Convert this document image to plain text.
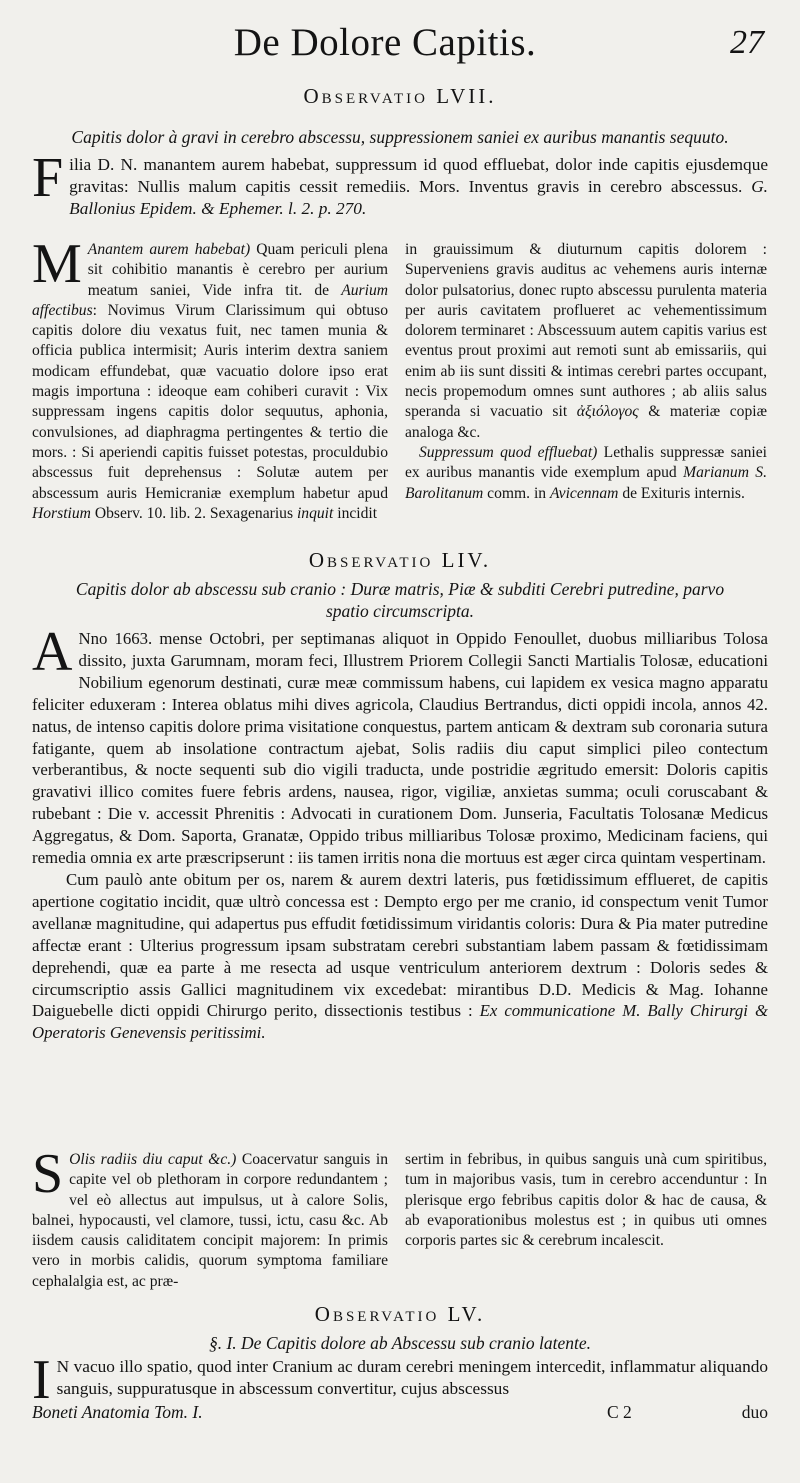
De Dolore Capitis.	27
Observatio LVII.
Capitis dolor à gravi in cerebro abscessu, suppressionem saniei ex auribus manantis sequuto.

Filia D. N. manantem aurem habebat, suppressum id quod effluebat, dolor inde capitis ejusdemque gravitas: Nullis malum capitis cessit remediis. Mors. Inventus gravis in cerebro abscessus. G. Ballonius Epidem. & Ephemer. l. 2. p. 270.

M Anantem aurem habebat) Quam periculi plena sit cohibitio manantis è cerebro per aurium meatum saniei, Vide infra tit. de Aurium affectibus: Novimus Virum Clarissimum qui obtuso capitis dolore diu vexatus fuit, nec tamen munia & officia publica intermisit; Auris interim dextra saniem modicam effundebat, quæ vacuatio dolore ipso erat magis importuna : ideoque eam cohiberi curavit : Vix suppressam ingens capitis dolor sequutus, aphonia, convulsiones, ad diaphragma pertingentes & tertio die mors. : Si aperiendi capitis fuisset potestas, proculdubio abscessus fuit deprehensus : Solutæ autem per abscessum auris Hemicraniæ exemplum habetur apud Horstium Observ. 10. lib. 2. Sexagenarius inquit incidit

in grauissimum & diuturnum capitis dolorem : Superveniens gravis auditus ac vehemens auris internæ dolor pulsatorius, donec rupto abscessu purulenta materia per auris cavitatem proflueret ac vehementissimum dolorem terminaret : Abscessuum autem capitis varius est eventus prout proximi aut remoti sunt ab emissariis, qui enim ab iis sunt dissiti & intimas cerebri partes occupant, necis propemodum omnes sunt authores ; ab aliis salus speranda si vacuatio sit ἀξιόλογος & materiæ copiæ analoga &c.

Suppressum quod effluebat) Lethalis suppressæ saniei ex auribus manantis vide exemplum apud Marianum S. Barolitanum comm. in Avicennam de Exituris internis.

Observatio LIV.
Capitis dolor ab abscessu sub cranio : Duræ matris, Piæ & subditi Cerebri putredine, parvo spatio circumscripta.

A Nno 1663. mense Octobri, per septimanas aliquot in Oppido Fenoullet, duobus milliaribus Tolosa dissito, juxta Garumnam, moram feci, Illustrem Priorem Collegii Sancti Martialis Tolosæ, educationi Nobilium egenorum destinati, curæ meæ commissum habens, cui lapidem ex vesica magno apparatu feliciter eduxeram : Interea oblatus mihi dives agricola, Claudius Bertrandus, dicti oppidi incola, annos 42. natus, de intenso capitis dolore prima visitatione conquestus, partem anticam & dextram sub coronaria sutura fatigante, quem ab insolatione contractum ajebat, Solis radiis diu caput simplici pileo contectum verberantibus, & nocte sequenti sub dio vigili traducta, unde postridie ægritudo emersit: Doloris capitis gravativi illico comites fuere febris ardens, nausea, rigor, vigiliæ, anxietas summa; oculi coruscabant & rubebant : Die v. accessit Phrenitis : Advocati in curationem Dom. Junseria, Facultatis Tolosanæ Medicus Aggregatus, & Dom. Saporta, Granatæ, Oppido tribus milliaribus Tolosæ proximo, Medicinam faciens, qui remedia omnia ex arte præscripserunt : iis tamen irritis nona die mortuus est æger circa quintam vespertinam.

Cum paulò ante obitum per os, narem & aurem dextri lateris, pus fœtidissimum efflueret, de capitis apertione cogitatio incidit, quæ ultrò concessa est : Dempto ergo per me cranio, id conspectum venit Tumor avellanæ magnitudine, qui adapertus pus effudit fœtidissimum viridantis coloris: Dura & Pia mater putredine affectæ erant : Ulterius progressum ipsam substratam cerebri substantiam labem passam & fœtidissimam deprehendi, quæ ea parte à me resecta ad usque ventriculum anteriorem dextrum : Doloris sedes & circumscriptio assis Gallici magnitudinem vix excedebat: mirantibus D.D. Medicis & Mag. Iohanne Daiguebelle dicti oppidi Chirurgo perito, dissectionis testibus : Ex communicatione M. Bally Chirurgi & Operatoris Genevensis peritissimi.

S Olis radiis diu caput &c.) Coacervatur sanguis in capite vel ob plethoram in corpore redundantem ; vel eò allectus aut impulsus, ut à calore Solis, balnei, hypocausti, vel clamore, tussi, ictu, casu &c. Ab iisdem causis caliditatem concipit majorem: In primis vero in morbis calidis, quorum symptoma familiare cephalalgia est, ac præ-

sertim in febribus, in quibus sanguis unà cum spiritibus, tum in majoribus vasis, tum in cerebro accenduntur : In plerisque ergo febribus capitis dolor & hac de causa, & ab evaporationibus molestus est ; in quibus uti omnes corporis partes sic & cerebrum incalescit.

Observatio LV.
§. I. De Capitis dolore ab Abscessu sub cranio latente.

I N vacuo illo spatio, quod inter Cranium ac duram cerebri meningem intercedit, inflammatur aliquando sanguis, suppuratusque in abscessum convertitur, cujus abscessus

Boneti Anatomia Tom. I.	C 2	duo
